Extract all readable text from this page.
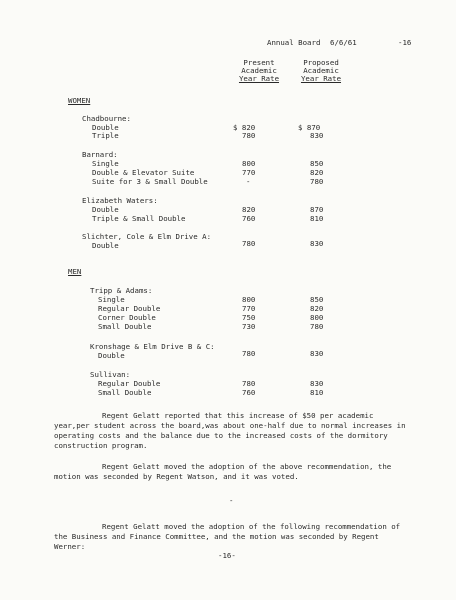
Annual Board 6/6/61	-16
Present
Academic
Year Rate
Proposed
Academic
Year Rate
WOMEN
Chadbourne:
Double	$ 820	$ 870
Triple	780	830
Barnard:
Single	800	850
Double & Elevator Suite	770	820
Suite for 3 & Small Double	-	780
Elizabeth Waters:
Double	820	870
Triple & Small Double	760	810
Slichter, Cole & Elm Drive A:
Double	780	830
MEN
Tripp & Adams:
Single	800	850
Regular Double	770	820
Corner Double	750	800
Small Double	730	780
Kronshage & Elm Drive B & C:
Double	780	830
Sullivan:
Regular Double	780	830
Small Double	760	810
Regent Gelatt reported that this increase of $50 per academic year,per student across the board,was about one-half due to normal increases in operating costs and the balance due to the increased costs of the dormitory construction program.
Regent Gelatt moved the adoption of the above recommendation, the motion was seconded by Regent Watson, and it was voted.
-
Regent Gelatt moved the adoption of the following recommendation of the Business and Finance Committee, and the motion was seconded by Regent Werner:
-16-
